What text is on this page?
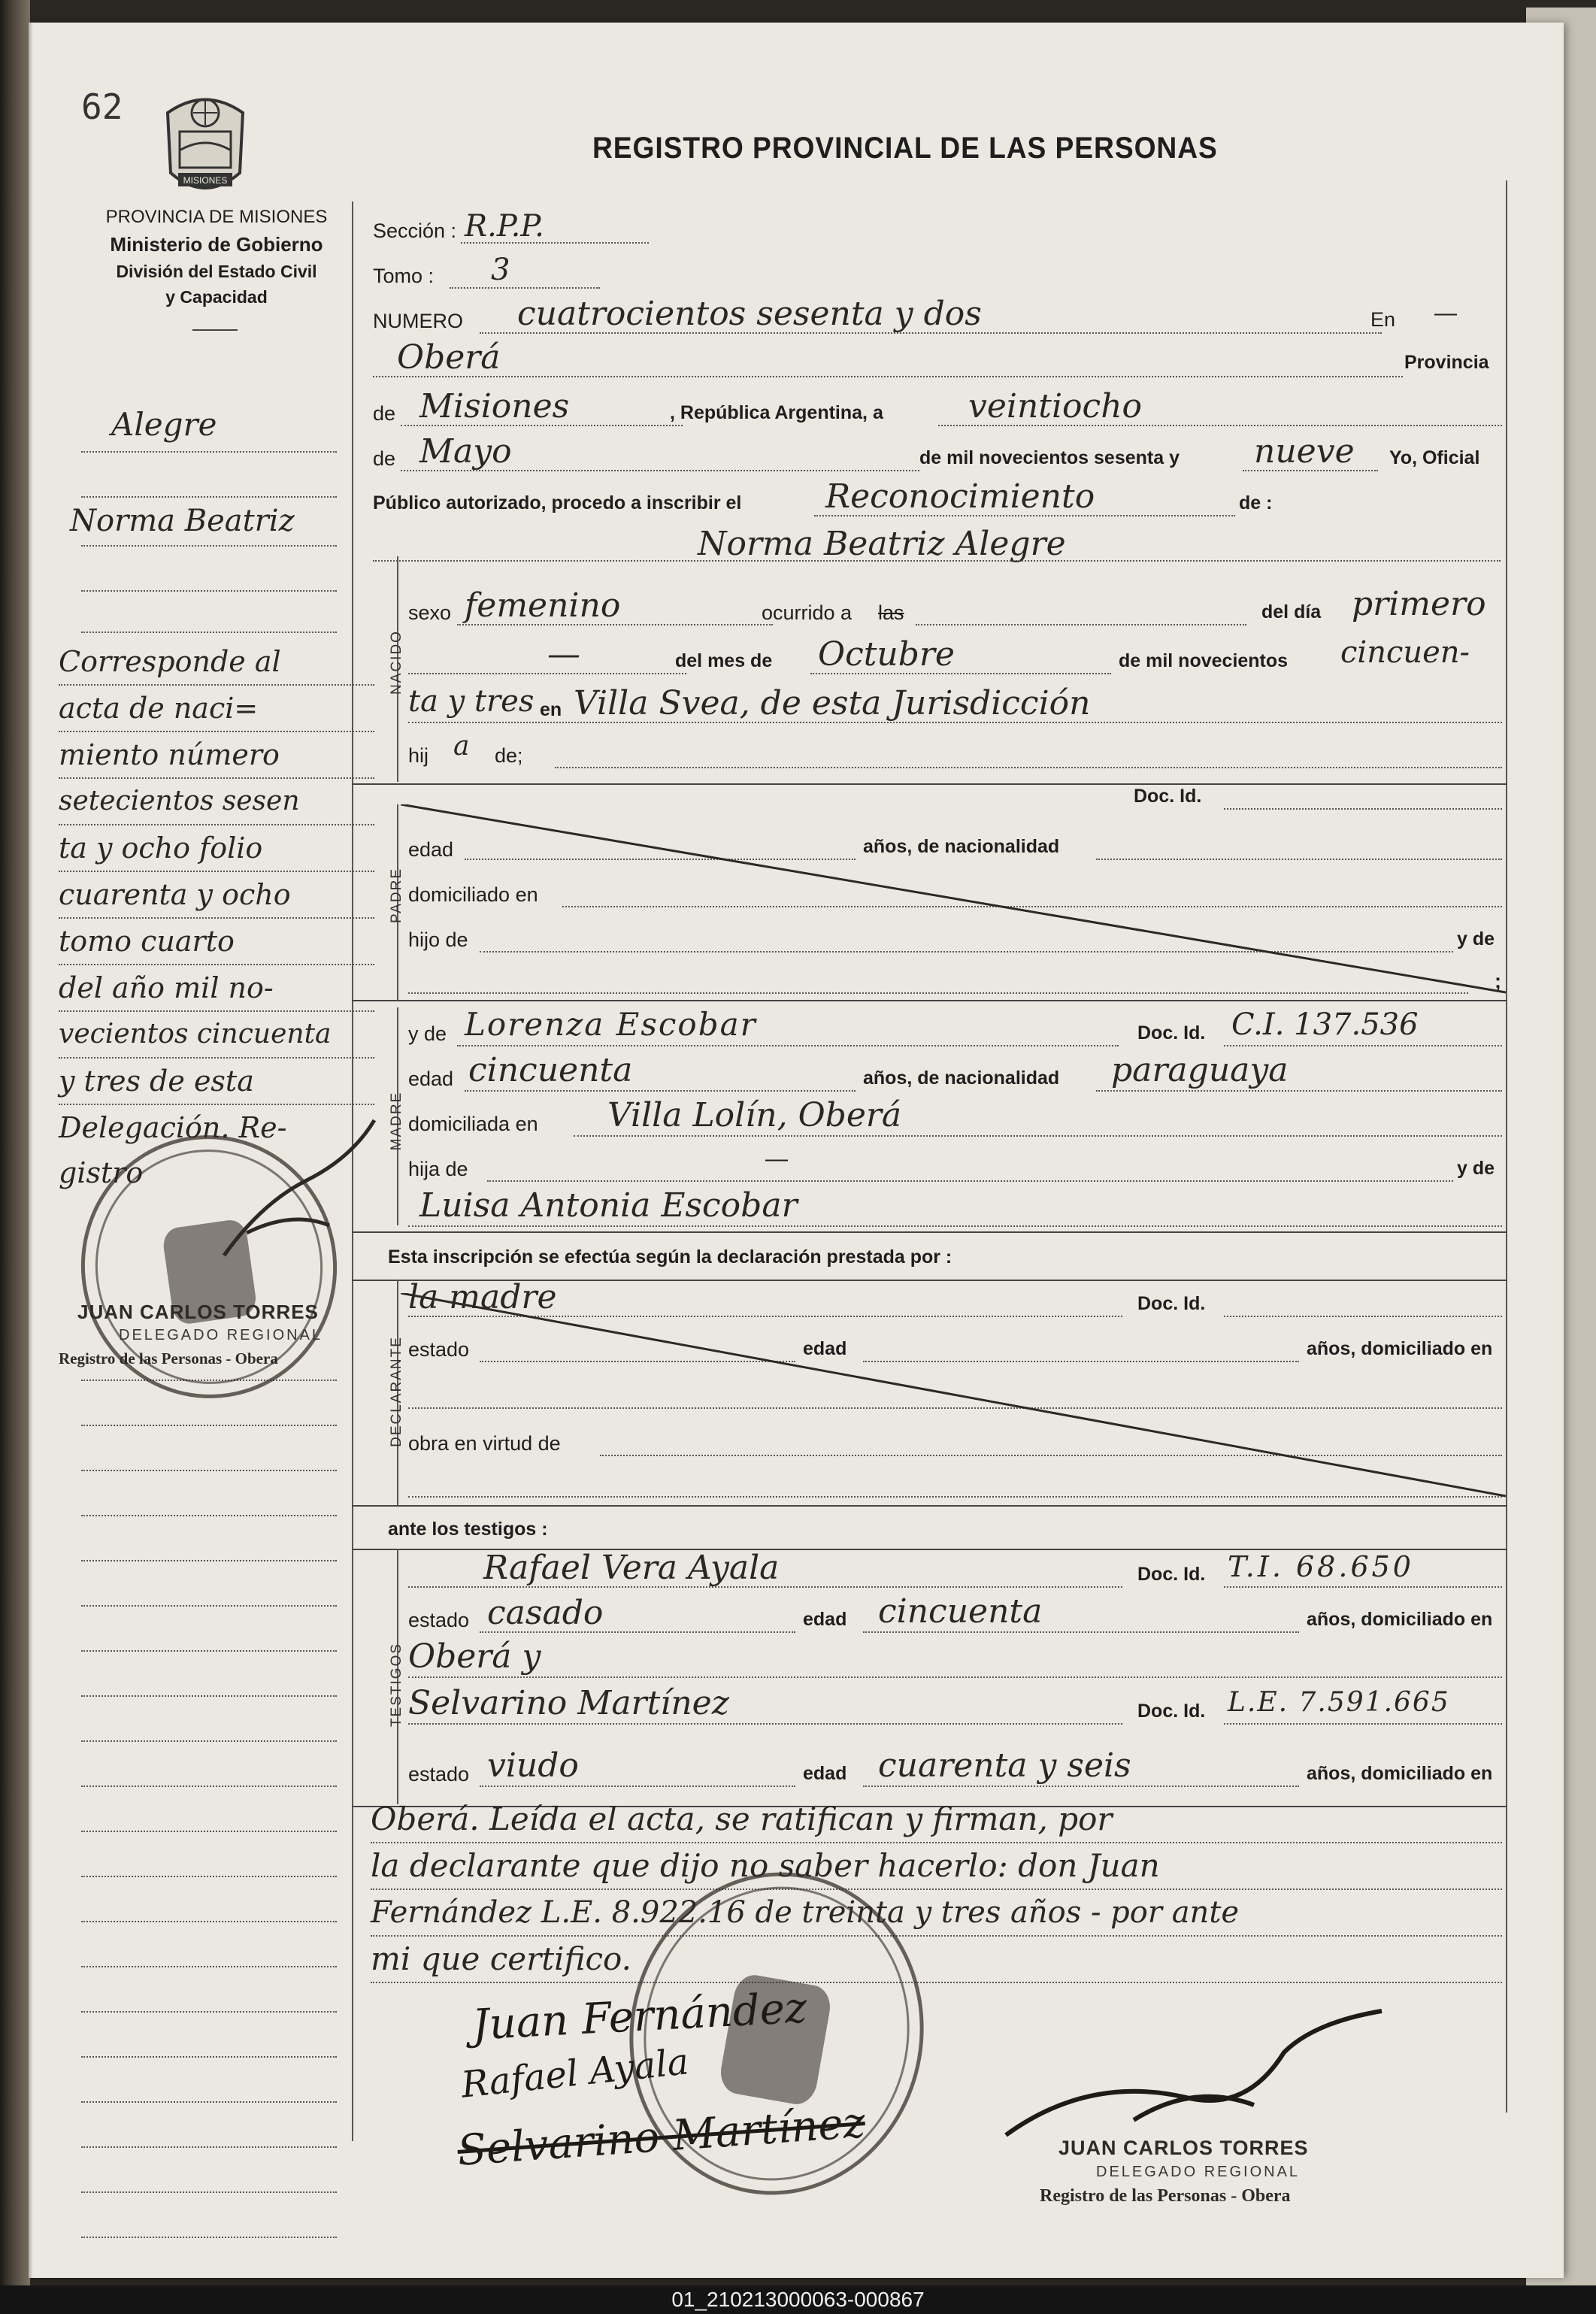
62
MISIONES
REGISTRO PROVINCIAL DE LAS PERSONAS
PROVINCIA DE MISIONES
Ministerio de Gobierno
División del Estado Civil
y Capacidad
Alegre
Norma Beatriz
Corresponde al
acta de naci=
miento número
setecientos sesen
ta y ocho folio
cuarenta y ocho
tomo cuarto
del año mil no-
vecientos cincuenta
y tres de esta
Delegación. Re-
gistro
JUAN CARLOS TORRES
DELEGADO REGIONAL
Registro de las Personas - Obera
Sección : R.P.P.
Tomo : 3
NUMERO cuatrocientos sesenta y dos	En —
Oberá	Provincia
de Misiones	, República Argentina, a	veintiocho
de Mayo	de mil novecientos sesenta y nueve Yo, Oficial
Público autorizado, procedo a inscribir el	Reconocimiento	de :
Norma Beatriz Alegre
NACIDO
sexo femenino	ocurrido a las	del día primero
—	del mes de Octubre	de mil novecientos cincuen-
ta y tres en Villa Svea, de esta Jurisdicción
hij a de;
Doc. Id.
PADRE
edad	años, de nacionalidad
domiciliado en
hijo de	y de
;
MADRE
y de Lorenza Escobar	Doc. Id. C.I. 137.536
edad cincuenta	años, de nacionalidad paraguaya
domiciliada en Villa Lolín, Oberá
hija de	—	y de
Luisa Antonia Escobar
Esta inscripción se efectúa según la declaración prestada por :
DECLARANTE
la madre	Doc. Id.
estado	edad	años, domiciliado en
obra en virtud de
ante los testigos :
TESTIGOS
Rafael Vera Ayala	Doc. Id. T.I. 68.650
estado casado	edad cincuenta	años, domiciliado en
Oberá y
Selvarino Martínez	Doc. Id. L.E. 7.591.665
estado viudo	edad cuarenta y seis	años, domiciliado en
Oberá. Leída el acta, se ratifican y firman, por
la declarante que dijo no saber hacerlo: don Juan
Fernández L.E. 8.922.16 de treinta y tres años - por ante
mi que certifico.
Juan Fernández
Rafael Ayala
Selvarino Martínez	JUAN CARLOS TORRES
DELEGADO REGIONAL
Registro de las Personas - Obera
01_210213000063-000867
